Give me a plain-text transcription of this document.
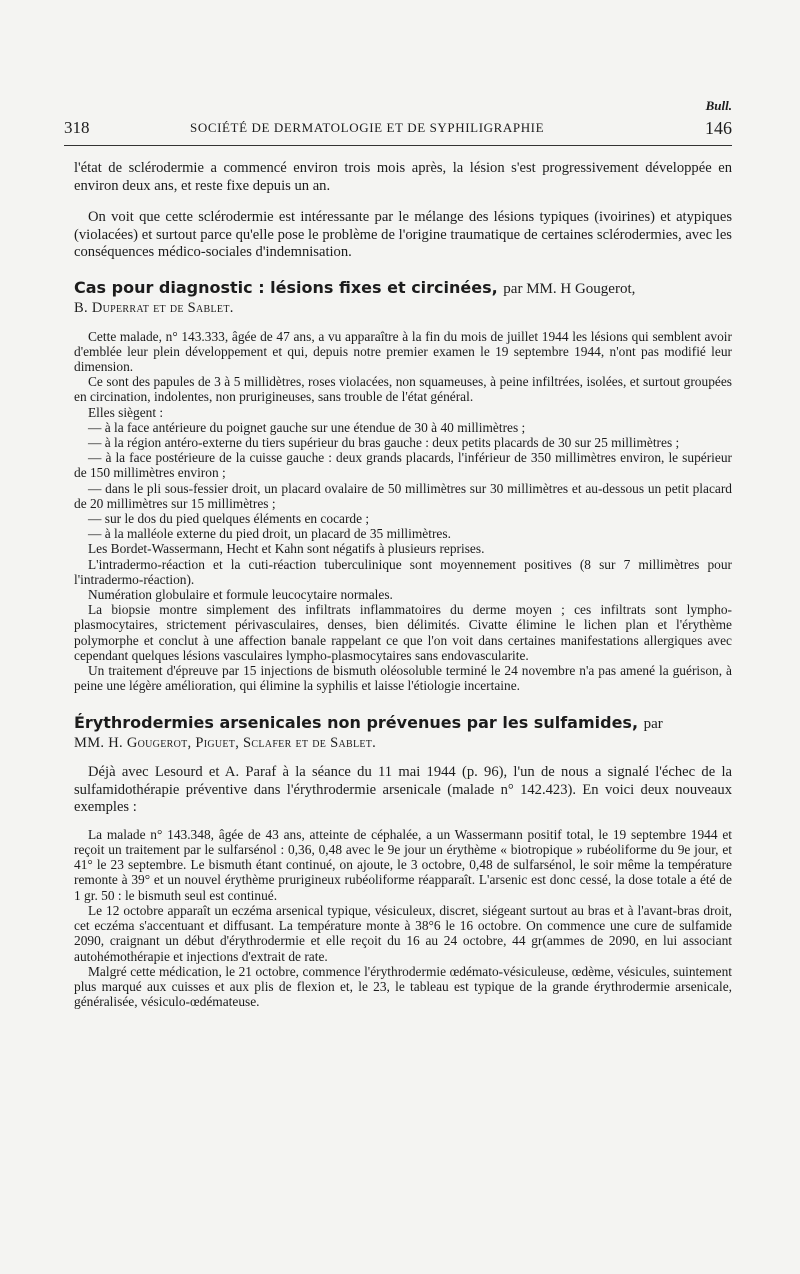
Bull.
318	SOCIÉTÉ DE DERMATOLOGIE ET DE SYPHILIGRAPHIE	146

l'état de sclérodermie a commencé environ trois mois après, la lésion s'est progressivement développée en environ deux ans, et reste fixe depuis un an.

On voit que cette sclérodermie est intéressante par le mélange des lésions typiques (ivoirines) et atypiques (violacées) et surtout parce qu'elle pose le problème de l'origine traumatique de certaines sclérodermies, avec les conséquences médico-sociales d'indemnisation.

Cas pour diagnostic : lésions fixes et circinées, par MM. H Gougerot,
B. Duperrat et de Sablet.

Cette malade, n° 143.333, âgée de 47 ans, a vu apparaître à la fin du mois de juillet 1944 les lésions qui semblent avoir d'emblée leur plein développement et qui, depuis notre premier examen le 19 septembre 1944, n'ont pas modifié leur dimension.

Ce sont des papules de 3 à 5 millidètres, roses violacées, non squameuses, à peine infiltrées, isolées, et surtout groupées en circination, indolentes, non prurigineuses, sans trouble de l'état général.

Elles siègent :

— à la face antérieure du poignet gauche sur une étendue de 30 à 40 millimètres ;

— à la région antéro-externe du tiers supérieur du bras gauche : deux petits placards de 30 sur 25 millimètres ;

— à la face postérieure de la cuisse gauche : deux grands placards, l'inférieur de 350 millimètres environ, le supérieur de 150 millimètres environ ;

— dans le pli sous-fessier droit, un placard ovalaire de 50 millimètres sur 30 millimètres et au-dessous un petit placard de 20 millimètres sur 15 millimètres ;

— sur le dos du pied quelques éléments en cocarde ;

— à la malléole externe du pied droit, un placard de 35 millimètres.

Les Bordet-Wassermann, Hecht et Kahn sont négatifs à plusieurs reprises.

L'intradermo-réaction et la cuti-réaction tuberculinique sont moyennement positives (8 sur 7 millimètres pour l'intradermo-réaction).

Numération globulaire et formule leucocytaire normales.

La biopsie montre simplement des infiltrats inflammatoires du derme moyen ; ces infiltrats sont lympho-plasmocytaires, strictement périvasculaires, denses, bien délimités. Civatte élimine le lichen plan et l'érythème polymorphe et conclut à une affection banale rappelant ce que l'on voit dans certaines manifestations allergiques avec cependant quelques lésions vasculaires lympho-plasmocytaires sans endovascularite.

Un traitement d'épreuve par 15 injections de bismuth oléosoluble terminé le 24 novembre n'a pas amené la guérison, à peine une légère amélioration, qui élimine la syphilis et laisse l'étiologie incertaine.

Érythrodermies arsenicales non prévenues par les sulfamides, par
MM. H. Gougerot, Piguet, Sclafer et de Sablet.

Déjà avec Lesourd et A. Paraf à la séance du 11 mai 1944 (p. 96), l'un de nous a signalé l'échec de la sulfamidothérapie préventive dans l'érythrodermie arsenicale (malade n° 142.423). En voici deux nouveaux exemples :

La malade n° 143.348, âgée de 43 ans, atteinte de céphalée, a un Wassermann positif total, le 19 septembre 1944 et reçoit un traitement par le sulfarsénol : 0,36, 0,48 avec le 9e jour un érythème « biotropique » rubéoliforme du 9e jour, et 41° le 23 septembre. Le bismuth étant continué, on ajoute, le 3 octobre, 0,48 de sulfarsénol, le soir même la température remonte à 39° et un nouvel érythème prurigineux rubéoliforme réapparaît. L'arsenic est donc cessé, la dose totale a été de 1 gr. 50 : le bismuth seul est continué.

Le 12 octobre apparaît un eczéma arsenical typique, vésiculeux, discret, siégeant surtout au bras et à l'avant-bras droit, cet eczéma s'accentuant et diffusant. La température monte à 38°6 le 16 octobre. On commence une cure de sulfamide 2090, craignant un début d'érythrodermie et elle reçoit du 16 au 24 octobre, 44 gr(ammes de 2090, en lui associant autohémothérapie et injections d'extrait de rate.

Malgré cette médication, le 21 octobre, commence l'érythrodermie œdémato-vésiculeuse, œdème, vésicules, suintement plus marqué aux cuisses et aux plis de flexion et, le 23, le tableau est typique de la grande érythrodermie arsenicale, généralisée, vésiculo-œdémateuse.
